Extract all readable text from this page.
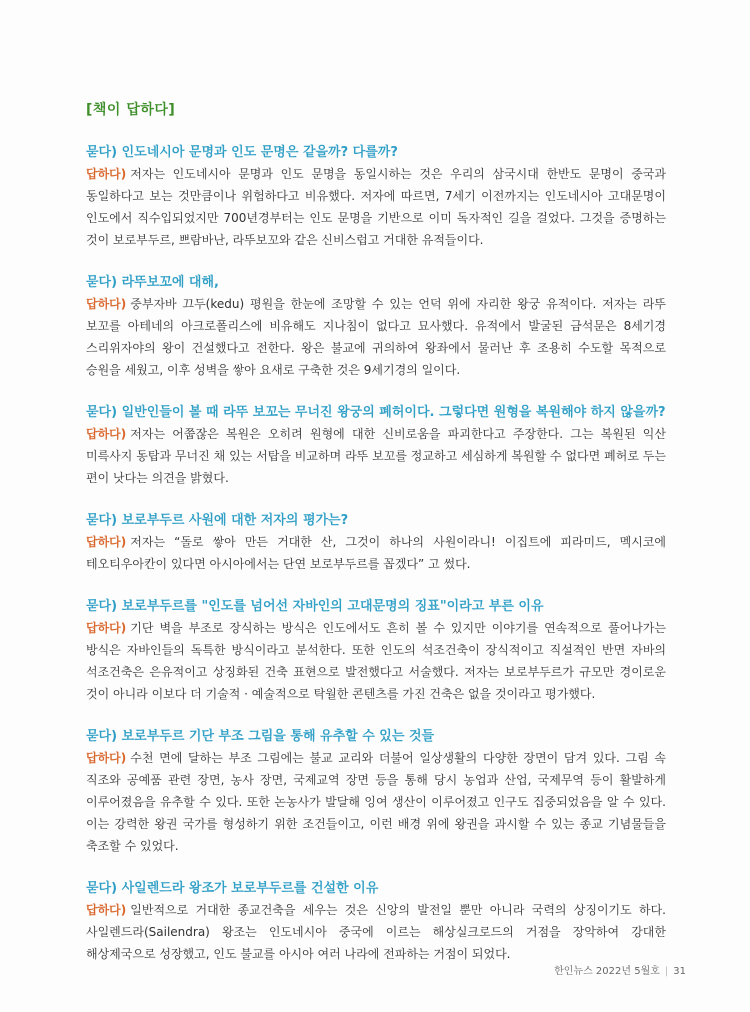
[책이 답하다]

묻다) 인도네시아 문명과 인도 문명은 같을까? 다를까?

답하다) 저자는 인도네시아 문명과 인도 문명을 동일시하는 것은 우리의 삼국시대 한반도 문명이 중국과 동일하다고 보는 것만큼이나 위험하다고 비유했다. 저자에 따르면, 7세기 이전까지는 인도네시아 고대문명이 인도에서 직수입되었지만 700년경부터는 인도 문명을 기반으로 이미 독자적인 길을 걸었다. 그것을 증명하는 것이 보로부두르, 쁘람바난, 라뚜보꼬와 같은 신비스럽고 거대한 유적들이다.

묻다) 라뚜보꼬에 대해,

답하다) 중부자바 끄두(kedu) 평원을 한눈에 조망할 수 있는 언덕 위에 자리한 왕궁 유적이다. 저자는 라뚜 보꼬를 아테네의 아크로폴리스에 비유해도 지나침이 없다고 묘사했다. 유적에서 발굴된 금석문은 8세기경 스리위자야의 왕이 건설했다고 전한다. 왕은 불교에 귀의하여 왕좌에서 물러난 후 조용히 수도할 목적으로 승원을 세웠고, 이후 성벽을 쌓아 요새로 구축한 것은 9세기경의 일이다.

묻다) 일반인들이 볼 때 라뚜 보꼬는 무너진 왕궁의 폐허이다. 그렇다면 원형을 복원해야 하지 않을까?

답하다) 저자는 어쭙잖은 복원은 오히려 원형에 대한 신비로움을 파괴한다고 주장한다. 그는 복원된 익산 미륵사지 동탑과 무너진 채 있는 서탑을 비교하며 라뚜 보꼬를 정교하고 세심하게 복원할 수 없다면 폐허로 두는 편이 낫다는 의견을 밝혔다.

묻다) 보로부두르 사원에 대한 저자의 평가는?

답하다) 저자는 “돌로 쌓아 만든 거대한 산, 그것이 하나의 사원이라니! 이집트에 피라미드, 멕시코에 테오티우아칸이 있다면 아시아에서는 단연 보로부두르를 꼽겠다” 고 썼다.

묻다) 보로부두르를 "인도를 넘어선 자바인의 고대문명의 징표"이라고 부른 이유

답하다) 기단 벽을 부조로 장식하는 방식은 인도에서도 흔히 볼 수 있지만 이야기를 연속적으로 풀어나가는 방식은 자바인들의 독특한 방식이라고 분석한다. 또한 인도의 석조건축이 장식적이고 직설적인 반면 자바의 석조건축은 은유적이고 상징화된 건축 표현으로 발전했다고 서술했다. 저자는 보로부두르가 규모만 경이로운 것이 아니라 이보다 더 기술적 · 예술적으로 탁월한 콘텐츠를 가진 건축은 없을 것이라고 평가했다.

묻다) 보로부두르 기단 부조 그림을 통해 유추할 수 있는 것들

답하다) 수천 면에 달하는 부조 그림에는 불교 교리와 더불어 일상생활의 다양한 장면이 담겨 있다. 그림 속 직조와 공예품 관련 장면, 농사 장면, 국제교역 장면 등을 통해 당시 농업과 산업, 국제무역 등이 활발하게 이루어졌음을 유추할 수 있다. 또한 논농사가 발달해 잉여 생산이 이루어졌고 인구도 집중되었음을 알 수 있다. 이는 강력한 왕권 국가를 형성하기 위한 조건들이고, 이런 배경 위에 왕권을 과시할 수 있는 종교 기념물들을 축조할 수 있었다.

묻다) 사일렌드라 왕조가 보로부두르를 건설한 이유

답하다) 일반적으로 거대한 종교건축을 세우는 것은 신앙의 발전일 뿐만 아니라 국력의 상징이기도 하다. 사일렌드라(Sailendra) 왕조는 인도네시아 중국에 이르는 해상실크로드의 거점을 장악하여 강대한 해상제국으로 성장했고, 인도 불교를 아시아 여러 나라에 전파하는 거점이 되었다.

한인뉴스 2022년 5월호 | 31
